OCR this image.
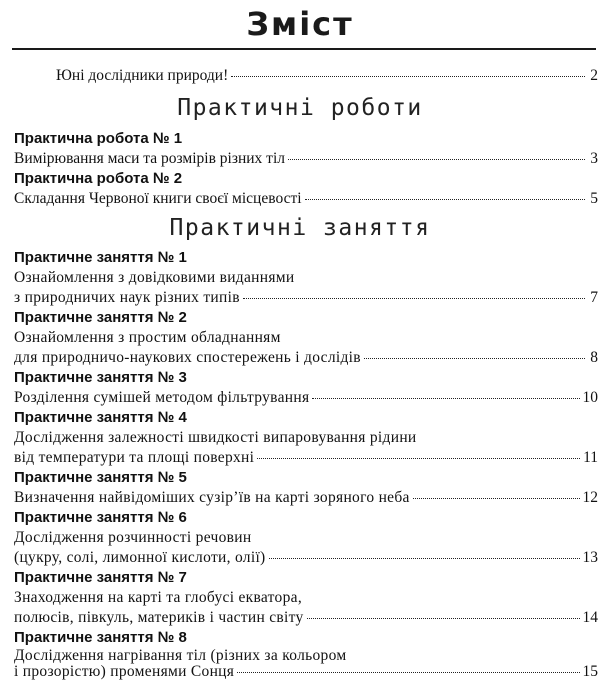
Зміст
Юні дослідники природи!	2
Практичні роботи
Практична робота № 1
Вимірювання маси та розмірів різних тіл	3
Практична робота № 2
Складання Червоної книги своєї місцевості	5
Практичні заняття
Практичне заняття № 1
Ознайомлення з довідковими виданнями
з природничих наук різних типів	7
Практичне заняття № 2
Ознайомлення з простим обладнанням
для природничо-наукових спостережень і дослідів	8
Практичне заняття № 3
Розділення сумішей методом фільтрування	10
Практичне заняття № 4
Дослідження залежності швидкості випаровування рідини
від температури та площі поверхні	11
Практичне заняття № 5
Визначення найвідоміших сузір’їв на карті зоряного неба	12
Практичне заняття № 6
Дослідження розчинності речовин
(цукру, солі, лимонної кислоти, олії)	13
Практичне заняття № 7
Знаходження на карті та глобусі екватора,
полюсів, півкуль, материків і частин світу	14
Практичне заняття № 8
Дослідження нагрівання тіл (різних за кольором
і прозорістю) променями Сонця	15
